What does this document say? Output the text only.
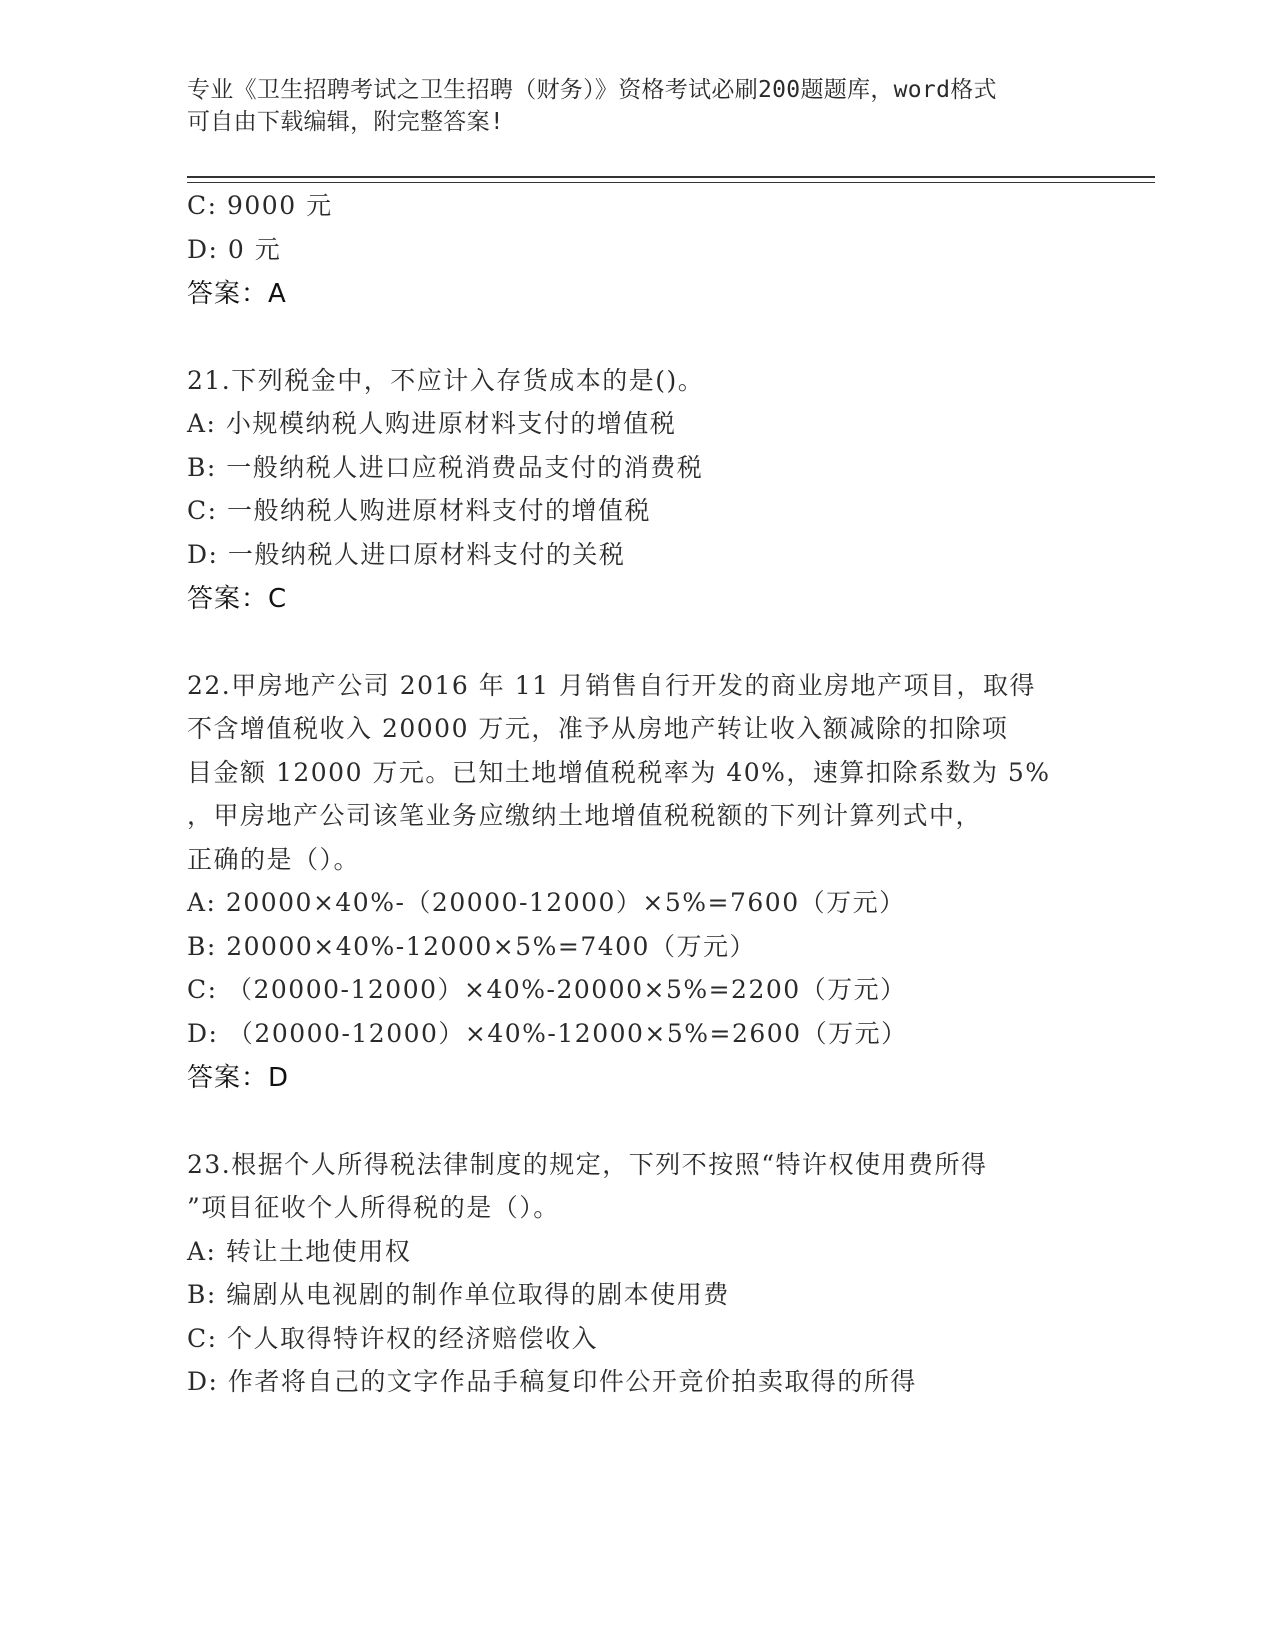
专业《卫生招聘考试之卫生招聘（财务）》资格考试必刷200题题库，word格式
可自由下载编辑，附完整答案!
C: 9000 元
D: 0 元
答案：A
21.下列税金中，不应计入存货成本的是()。
A: 小规模纳税人购进原材料支付的增值税
B: 一般纳税人进口应税消费品支付的消费税
C: 一般纳税人购进原材料支付的增值税
D: 一般纳税人进口原材料支付的关税
答案：C
22.甲房地产公司 2016 年 11 月销售自行开发的商业房地产项目，取得
不含增值税收入 20000 万元，准予从房地产转让收入额减除的扣除项
目金额 12000 万元。已知土地增值税税率为 40%，速算扣除系数为 5%
，甲房地产公司该笔业务应缴纳土地增值税税额的下列计算列式中，
正确的是（）。
A: 20000×40%-（20000-12000）×5%=7600（万元）
B: 20000×40%-12000×5%=7400（万元）
C: （20000-12000）×40%-20000×5%=2200（万元）
D: （20000-12000）×40%-12000×5%=2600（万元）
答案：D
23.根据个人所得税法律制度的规定，下列不按照“特许权使用费所得
”项目征收个人所得税的是（）。
A: 转让土地使用权
B: 编剧从电视剧的制作单位取得的剧本使用费
C: 个人取得特许权的经济赔偿收入
D: 作者将自己的文字作品手稿复印件公开竞价拍卖取得的所得
